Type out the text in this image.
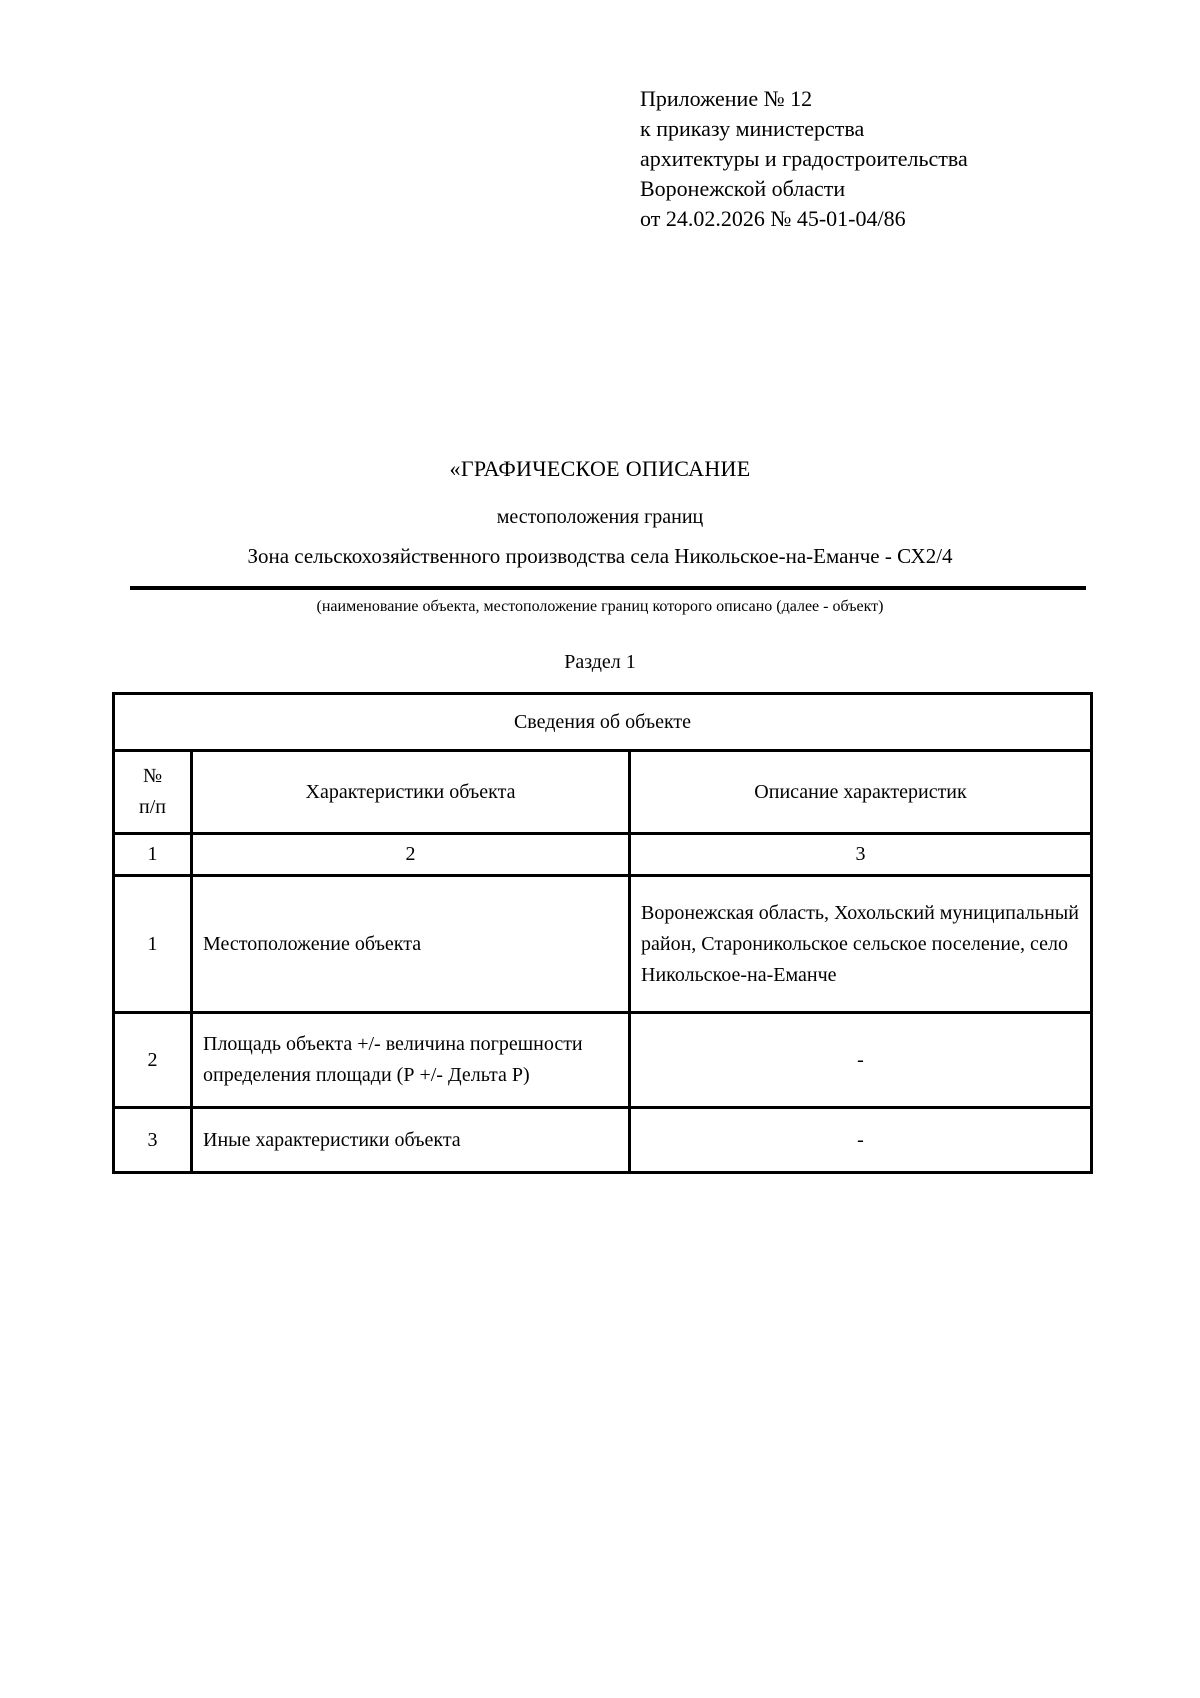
Приложение № 12
к приказу министерства
архитектуры и градостроительства
Воронежской области
от 24.02.2026 № 45-01-04/86
«ГРАФИЧЕСКОЕ ОПИСАНИЕ
местоположения границ
Зона сельскохозяйственного производства села Никольское-на-Еманче - СХ2/4
(наименование объекта, местоположение границ которого описано (далее - объект)
Раздел 1
Сведения об объекте		

№
п/п	Характеристики объекта	Описание характеристик
1	2	3
1	Местоположение объекта	Воронежская область, Хохольский муниципальный район, Староникольское сельское поселение, село Никольское-на-Еманче
2	Площадь объекта +/- величина погрешности определения площади (Р +/- Дельта Р)	-
3	Иные характеристики объекта	-
